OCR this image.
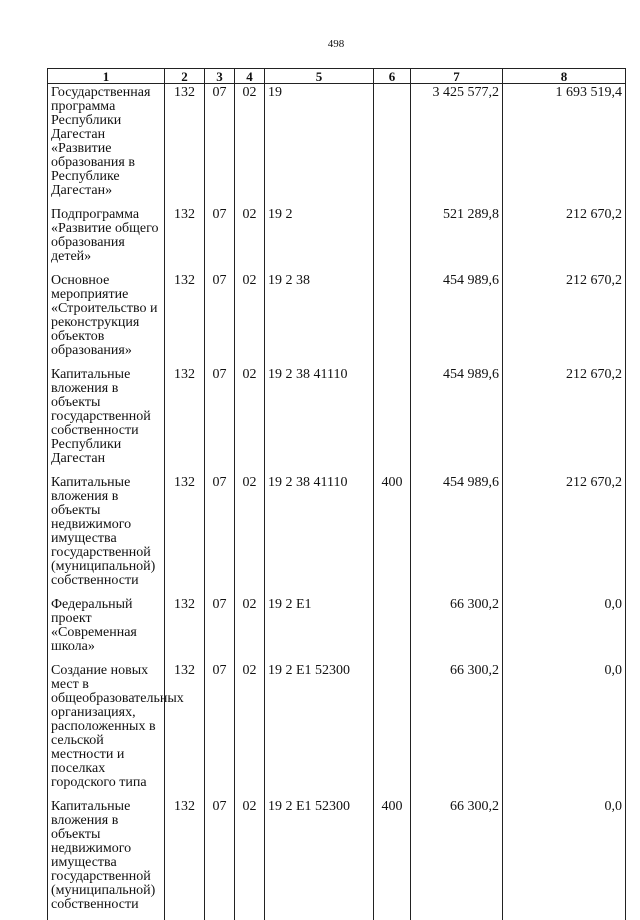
498
1	2	3	4	5	6	7	8

Государственная программа Республики Дагестан «Развитие образования в Республике Дагестан»	132	07	02	19		3 425 577,2	1 693 519,4

Подпрограмма «Развитие общего образования детей»	132	07	02	19 2		521 289,8	212 670,2

Основное мероприятие «Строительство и реконструкция объектов образования»	132	07	02	19 2 38		454 989,6	212 670,2

Капитальные вложения в объекты государственной собственности Республики Дагестан	132	07	02	19 2 38 41110		454 989,6	212 670,2

Капитальные вложения в объекты недвижимого имущества государственной (муниципальной) собственности	132	07	02	19 2 38 41110	400	454 989,6	212 670,2

Федеральный проект «Современная школа»	132	07	02	19 2 E1		66 300,2	0,0

Создание новых мест в общеобразовательных организациях, расположенных в сельской местности и поселках городского типа	132	07	02	19 2 E1 52300		66 300,2	0,0

Капитальные вложения в объекты недвижимого имущества государственной (муниципальной) собственности	132	07	02	19 2 E1 52300	400	66 300,2	0,0
